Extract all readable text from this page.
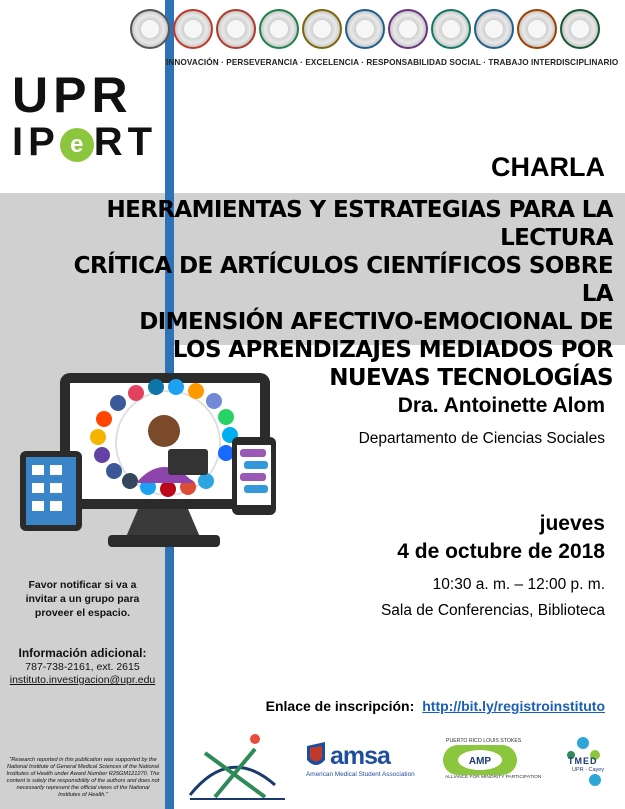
INNOVACIÓN · PERSEVERANCIA · EXCELENCIA · RESPONSABILIDAD SOCIAL · TRABAJO INTERDISCIPLINARIO
UPR
IP e RT
CHARLA
HERRAMIENTAS Y ESTRATEGIAS PARA LA LECTURA
CRÍTICA DE ARTÍCULOS CIENTÍFICOS SOBRE LA
DIMENSIÓN AFECTIVO-EMOCIONAL DE
LOS APRENDIZAJES MEDIADOS POR
NUEVAS TECNOLOGÍAS
Dra. Antoinette Alom
Departamento de Ciencias Sociales
jueves
4 de octubre de 2018
10:30 a. m. – 12:00 p. m.
Sala de Conferencias, Biblioteca
Favor notificar si va a
invitar a un grupo para
proveer el espacio.
Información adicional:
787-738-2161, ext. 2615
instituto.investigacion@upr.edu
Enlace de inscripción: http://bit.ly/registroinstituto
"Research reported in this publication was supported by the National Institute of General Medical Sciences of the National Institutes of Health under Award Number R25GM121270. The content is solely the responsibility of the authors and does not necessarily represent the official views of the National Institutes of Health."
AMP
amsa
American Medical Student Association
PUERTO RICO LOUIS STOKES
ALLIANCE FOR MINORITY PARTICIPATION
TMED
UPR - Cayey
